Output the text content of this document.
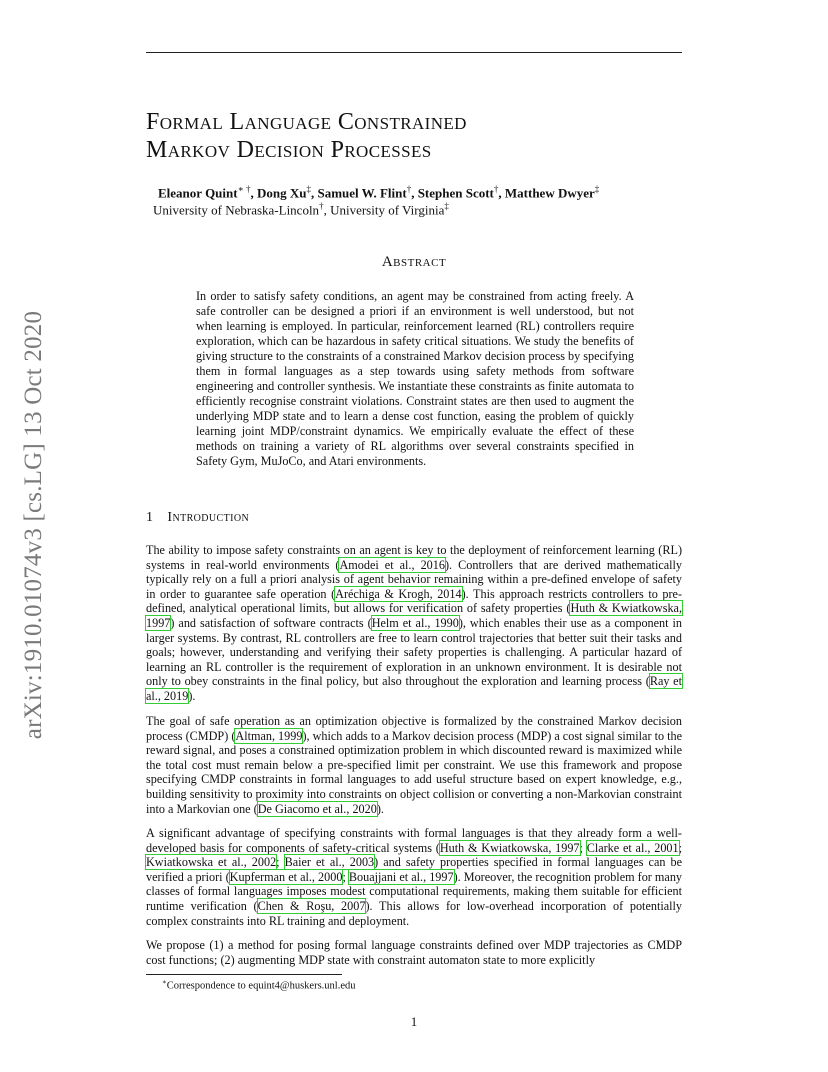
arXiv:1910.01074v3 [cs.LG] 13 Oct 2020
Formal Language Constrained
Markov Decision Processes
Eleanor Quint∗ †, Dong Xu‡, Samuel W. Flint†, Stephen Scott†, Matthew Dwyer‡
University of Nebraska-Lincoln†, University of Virginia‡
Abstract

In order to satisfy safety conditions, an agent may be constrained from acting freely. A safe controller can be designed a priori if an environment is well understood, but not when learning is employed. In particular, reinforcement learned (RL) controllers require exploration, which can be hazardous in safety critical situations. We study the benefits of giving structure to the constraints of a constrained Markov decision process by specifying them in formal languages as a step towards using safety methods from software engineering and controller synthesis. We instantiate these constraints as finite automata to efficiently recognise constraint violations. Constraint states are then used to augment the underlying MDP state and to learn a dense cost function, easing the problem of quickly learning joint MDP/constraint dynamics. We empirically evaluate the effect of these methods on training a variety of RL algorithms over several constraints specified in Safety Gym, MuJoCo, and Atari environments.

1 Introduction

The ability to impose safety constraints on an agent is key to the deployment of reinforcement learning (RL) systems in real-world environments (Amodei et al., 2016). Controllers that are derived mathematically typically rely on a full a priori analysis of agent behavior remaining within a pre-defined envelope of safety in order to guarantee safe operation (Aréchiga & Krogh, 2014). This approach restricts controllers to pre-defined, analytical operational limits, but allows for verification of safety properties (Huth & Kwiatkowska, 1997) and satisfaction of software contracts (Helm et al., 1990), which enables their use as a component in larger systems. By contrast, RL controllers are free to learn control trajectories that better suit their tasks and goals; however, understanding and verifying their safety properties is challenging. A particular hazard of learning an RL controller is the requirement of exploration in an unknown environment. It is desirable not only to obey constraints in the final policy, but also throughout the exploration and learning process (Ray et al., 2019).

The goal of safe operation as an optimization objective is formalized by the constrained Markov decision process (CMDP) (Altman, 1999), which adds to a Markov decision process (MDP) a cost signal similar to the reward signal, and poses a constrained optimization problem in which discounted reward is maximized while the total cost must remain below a pre-specified limit per constraint. We use this framework and propose specifying CMDP constraints in formal languages to add useful structure based on expert knowledge, e.g., building sensitivity to proximity into constraints on object collision or converting a non-Markovian constraint into a Markovian one (De Giacomo et al., 2020).

A significant advantage of specifying constraints with formal languages is that they already form a well-developed basis for components of safety-critical systems (Huth & Kwiatkowska, 1997; Clarke et al., 2001; Kwiatkowska et al., 2002; Baier et al., 2003) and safety properties specified in formal languages can be verified a priori (Kupferman et al., 2000; Bouajjani et al., 1997). Moreover, the recognition problem for many classes of formal languages imposes modest computational requirements, making them suitable for efficient runtime verification (Chen & Roşu, 2007). This allows for low-overhead incorporation of potentially complex constraints into RL training and deployment.

We propose (1) a method for posing formal language constraints defined over MDP trajectories as CMDP cost functions; (2) augmenting MDP state with constraint automaton state to more explicitly

∗Correspondence to equint4@huskers.unl.edu
1
